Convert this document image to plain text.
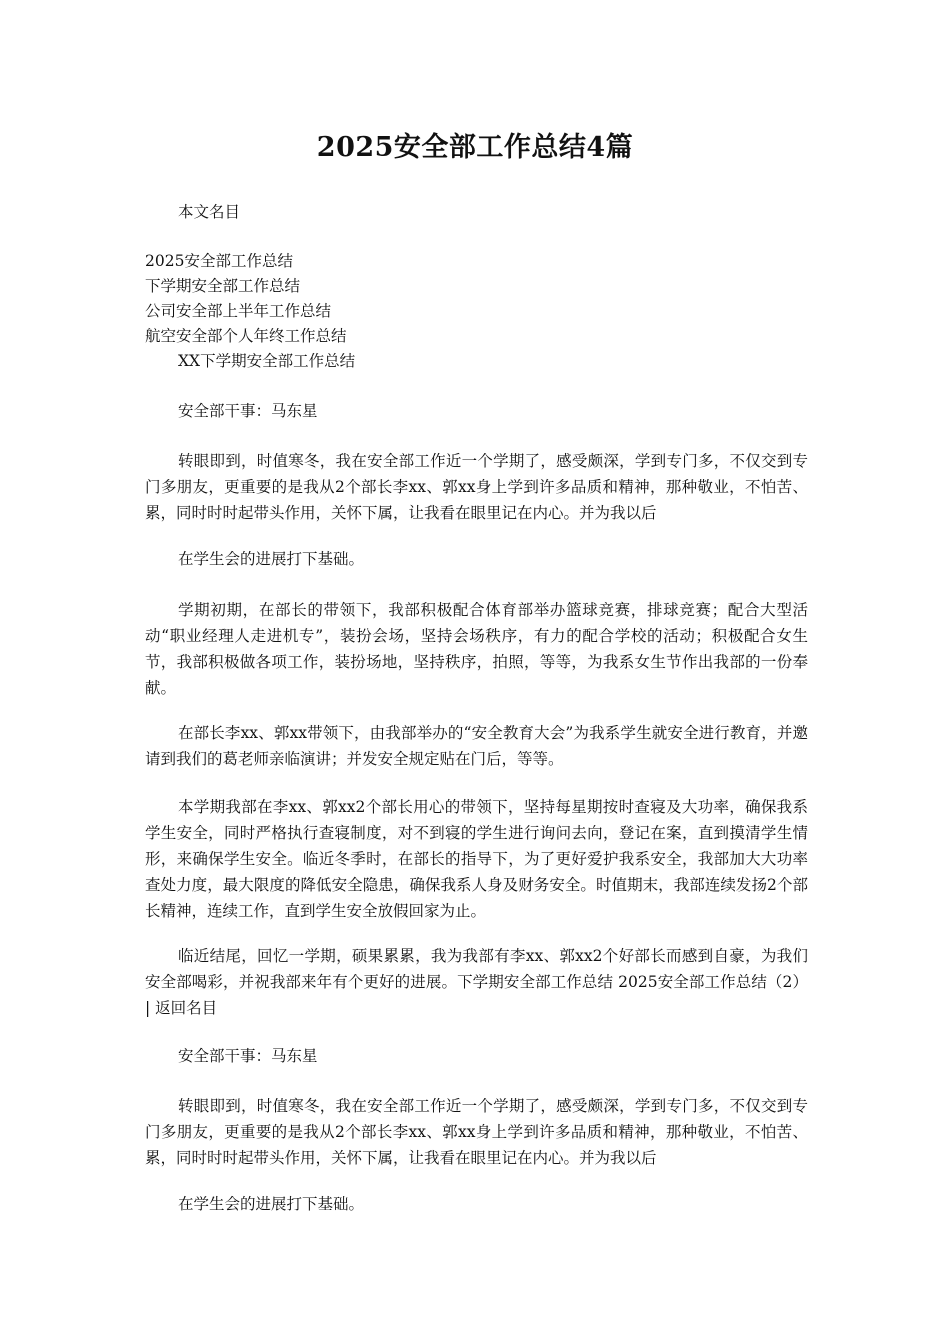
2025安全部工作总结4篇

本文名目

2025安全部工作总结
下学期安全部工作总结
公司安全部上半年工作总结
航空安全部个人年终工作总结
XX下学期安全部工作总结

安全部干事：马东星

转眼即到，时值寒冬，我在安全部工作近一个学期了，感受颇深，学到专门多，不仅交到专门多朋友，更重要的是我从2个部长李xx、郭xx身上学到许多品质和精神，那种敬业，不怕苦、累，同时时时起带头作用，关怀下属，让我看在眼里记在内心。并为我以后

在学生会的进展打下基础。

学期初期，在部长的带领下，我部积极配合体育部举办篮球竞赛，排球竞赛；配合大型活动“职业经理人走进机专”，装扮会场，坚持会场秩序，有力的配合学校的活动；积极配合女生节，我部积极做各项工作，装扮场地，坚持秩序，拍照，等等，为我系女生节作出我部的一份奉献。

在部长李xx、郭xx带领下，由我部举办的“安全教育大会”为我系学生就安全进行教育，并邀请到我们的葛老师亲临演讲；并发安全规定贴在门后，等等。

本学期我部在李xx、郭xx2个部长用心的带领下，坚持每星期按时查寝及大功率，确保我系学生安全，同时严格执行查寝制度，对不到寝的学生进行询问去向，登记在案，直到摸清学生情形，来确保学生安全。临近冬季时，在部长的指导下，为了更好爱护我系安全，我部加大大功率查处力度，最大限度的降低安全隐患，确保我系人身及财务安全。时值期末，我部连续发扬2个部长精神，连续工作，直到学生安全放假回家为止。

临近结尾，回忆一学期，硕果累累，我为我部有李xx、郭xx2个好部长而感到自豪，为我们安全部喝彩，并祝我部来年有个更好的进展。下学期安全部工作总结 2025安全部工作总结（2） | 返回名目

安全部干事：马东星

转眼即到，时值寒冬，我在安全部工作近一个学期了，感受颇深，学到专门多，不仅交到专门多朋友，更重要的是我从2个部长李xx、郭xx身上学到许多品质和精神，那种敬业，不怕苦、累，同时时时起带头作用，关怀下属，让我看在眼里记在内心。并为我以后

在学生会的进展打下基础。
